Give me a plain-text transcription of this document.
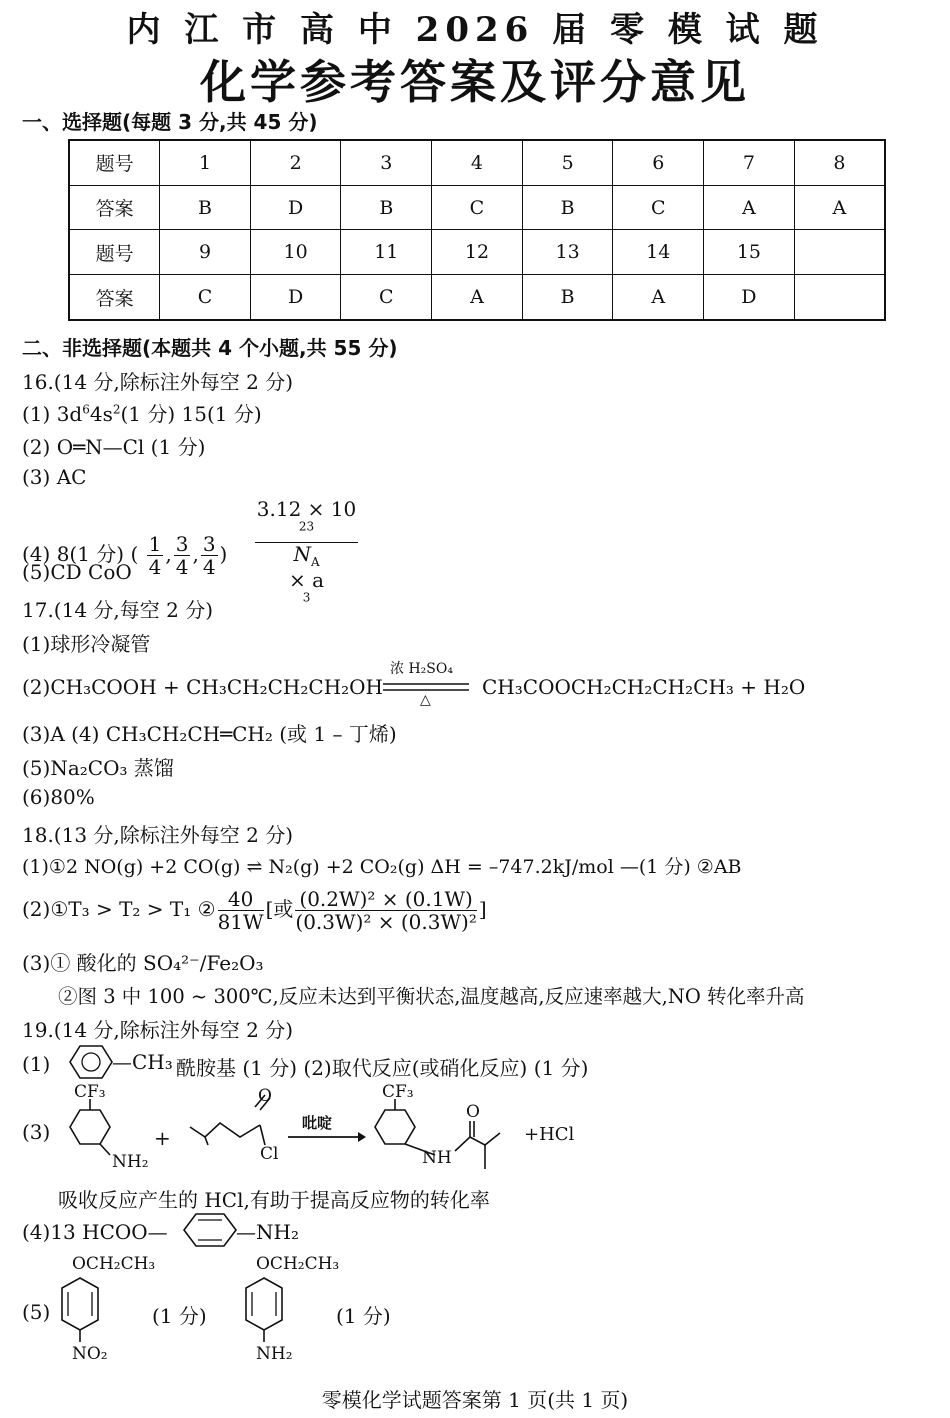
内 江 市 高 中 2026 届 零 模 试 题
化学参考答案及评分意见
一、选择题(每题 3 分,共 45 分)
题号	1	2	3	4	5	6	7	8
答案	B	D	B	C	B	C	A	A
题号	9	10	11	12	13	14	15	
答案	C	D	C	A	B	A	D	
二、非选择题(本题共 4 个小题,共 55 分)
16.(14 分,除标注外每空 2 分)
(1) $3d^64s^2(1$ 分) 15(1 分)
(2) O═N—Cl (1 分)
(3) AC
(4) 8(1 分) ( $\frac{1}{4}$ , $\frac{3}{4}$ , $\frac{3}{4}$ ) 3.12 × 10
$^{23}$
$N_A$
× a
$^3$
(5)CD CoO
17.(14 分,每空 2 分)
(1)球形冷凝管
(2)CH₃COOH + CH₃CH₂CH₂CH₂OH
浓 H₂SO₄
△
CH₃COOCH₂CH₂CH₂CH₃ + H₂O
(3)A (4) CH₃CH₂CH═CH₂ (或 1 – 丁烯)
(5)Na₂CO₃ 蒸馏
(6)80%
18.(13 分,除标注外每空 2 分)
(1)①2 NO(g) +2 CO(g) ⇌ N₂(g) +2 CO₂(g) ΔH = –747.2kJ/mol —(1 分) ②AB
(2)①T₃ > T₂ > T₁ ② $\frac{40}{81W}$ [或 $\frac{\text{(0.2W)² × (0.1W)}}{\text{(0.3W)² × (0.3W)²}}$ ]
(3)① 酸化的 SO₄²⁻/Fe₂O₃
②图 3 中 100 ~ 300℃,反应未达到平衡状态,温度越高,反应速率越大,NO 转化率升高
19.(14 分,除标注外每空 2 分)
(1)	—CH₃ 酰胺基 (1 分) (2)取代反应(或硝化反应) (1 分)
(3)
CF₃
NH₂
+
O
Cl
吡啶
CF₃
NH
O
+HCl
吸收反应产生的 HCl,有助于提高反应物的转化率
(4)13 HCOO—	—NH₂
(5)
OCH₂CH₃
NO₂
(1 分)
OCH₂CH₃
NH₂
(1 分)
零模化学试题答案第 1 页(共 1 页)
